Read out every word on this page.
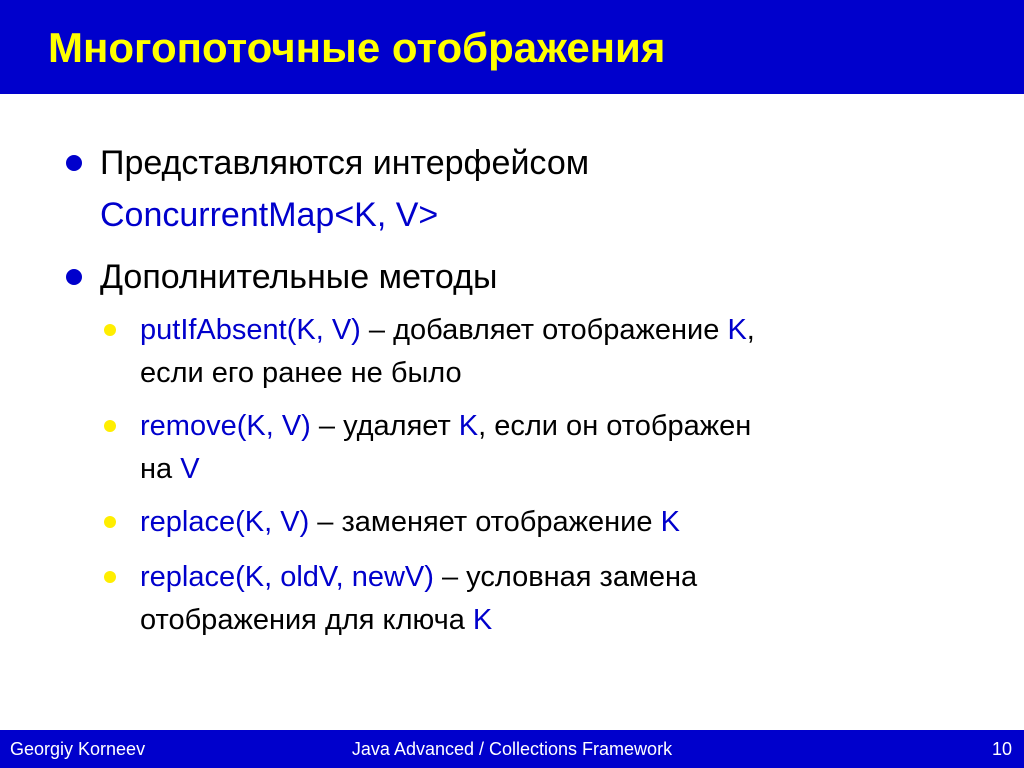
Многопоточные отображения
Представляются интерфейсом
ConcurrentMap<K, V>
Дополнительные методы
putIfAbsent(K, V) – добавляет отображение K,
если его ранее не было
remove(K, V) – удаляет K, если он отображен
на V
replace(K, V) – заменяет отображение K
replace(K, oldV, newV) – условная замена
отображения для ключа K
Java Advanced / Collections Framework
Georgiy Korneev	10
